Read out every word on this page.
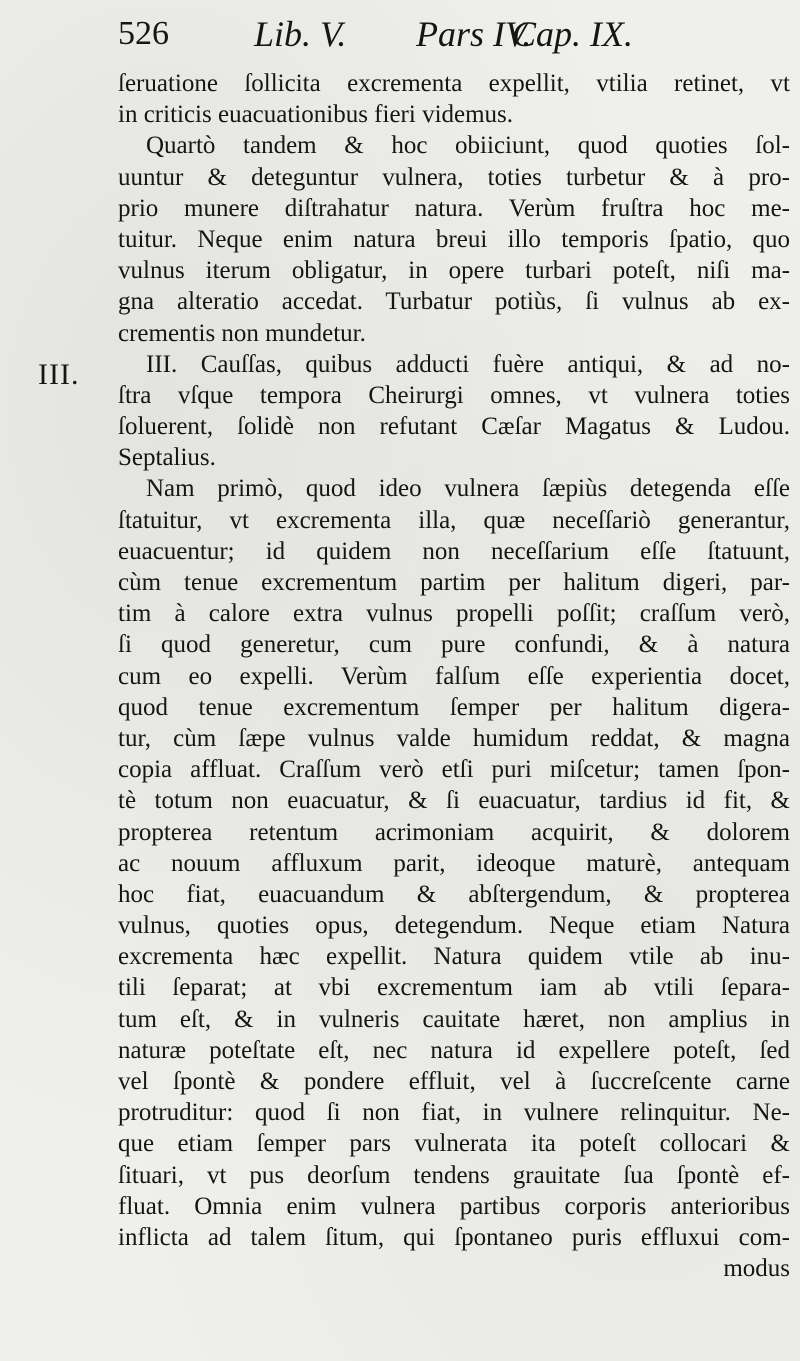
526 Lib. V. Pars IV.
Cap. IX.
III.
ſeruatione ſollicita excrementa expellit, vtilia retinet, vt
in criticis euacuationibus fieri videmus.
Quartò tandem & hoc obiiciunt, quod quoties ſol-
uuntur & deteguntur vulnera, toties turbetur & à pro-
prio munere diſtrahatur natura. Verùm fruſtra hoc me-
tuitur. Neque enim natura breui illo temporis ſpatio, quo
vulnus iterum obligatur, in opere turbari poteſt, niſi ma-
gna alteratio accedat. Turbatur potiùs, ſi vulnus ab ex-
crementis non mundetur.
III. Cauſſas, quibus adducti fuère antiqui, & ad no-
ſtra vſque tempora Cheirurgi omnes, vt vulnera toties
ſoluerent, ſolidè non refutant Cæſar Magatus & Ludou.
Septalius.
Nam primò, quod ideo vulnera ſæpiùs detegenda eſſe
ſtatuitur, vt excrementa illa, quæ neceſſariò generantur,
euacuentur; id quidem non neceſſarium eſſe ſtatuunt,
cùm tenue excrementum partim per halitum digeri, par-
tim à calore extra vulnus propelli poſſit; craſſum verò,
ſi quod generetur, cum pure confundi, & à natura
cum eo expelli. Verùm falſum eſſe experientia docet,
quod tenue excrementum ſemper per halitum digera-
tur, cùm ſæpe vulnus valde humidum reddat, & magna
copia affluat. Craſſum verò etſi puri miſcetur; tamen ſpon-
tè totum non euacuatur, & ſi euacuatur, tardius id fit, &
propterea retentum acrimoniam acquirit, & dolorem
ac nouum affluxum parit, ideoque maturè, antequam
hoc fiat, euacuandum & abſtergendum, & propterea
vulnus, quoties opus, detegendum. Neque etiam Natura
excrementa hæc expellit. Natura quidem vtile ab inu-
tili ſeparat; at vbi excrementum iam ab vtili ſepara-
tum eſt, & in vulneris cauitate hæret, non amplius in
naturæ poteſtate eſt, nec natura id expellere poteſt, ſed
vel ſpontè & pondere effluit, vel à ſuccreſcente carne
protruditur: quod ſi non fiat, in vulnere relinquitur. Ne-
que etiam ſemper pars vulnerata ita poteſt collocari &
ſituari, vt pus deorſum tendens grauitate ſua ſpontè ef-
fluat. Omnia enim vulnera partibus corporis anterioribus
inflicta ad talem ſitum, qui ſpontaneo puris effluxui com-
modus
